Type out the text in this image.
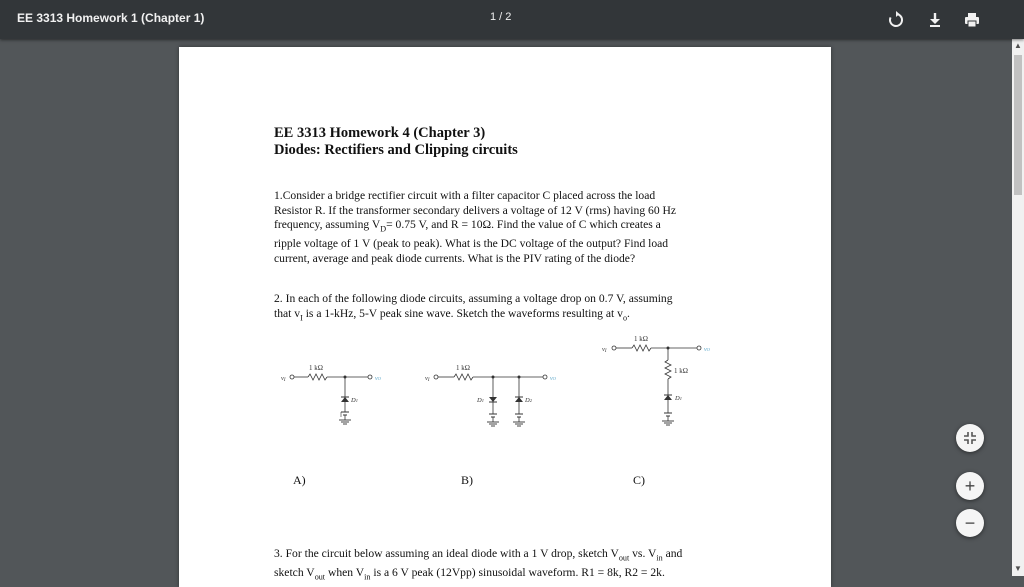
EE 3313 Homework 1 (Chapter 1)	1 / 2
EE 3313 Homework 4 (Chapter 3)
Diodes: Rectifiers and Clipping circuits
1.Consider a bridge rectifier circuit with a filter capacitor C placed across the load
Resistor R. If the transformer secondary delivers a voltage of 12 V (rms) having 60 Hz
frequency, assuming $V_D= 0.75$ V, and R = 10Ω. Find the value of C which creates a
ripple voltage of 1 V (peak to peak). What is the DC voltage of the output? Find load
current, average and peak diode currents. What is the PIV rating of the diode?
2. In each of the following diode circuits, assuming a voltage drop on 0.7 V, assuming
that $v_I$ is a 1-kHz, 5-V peak sine wave. Sketch the waveforms resulting at $v_o$.
vI
1 kΩ
vO
D1
vI
1 kΩ
vO
D1	D2
vI
1 kΩ
vO
1 kΩ
D1
A)	B)	C)
3. For the circuit below assuming an ideal diode with a 1 V drop, sketch $V_{out}$ vs. $V_{in}$ and
sketch $V_{out}$ when $V_{in}$ is a 6 V peak (12Vpp) sinusoidal waveform. R1 = 8k, R2 = 2k.
▲
▼
+
−
